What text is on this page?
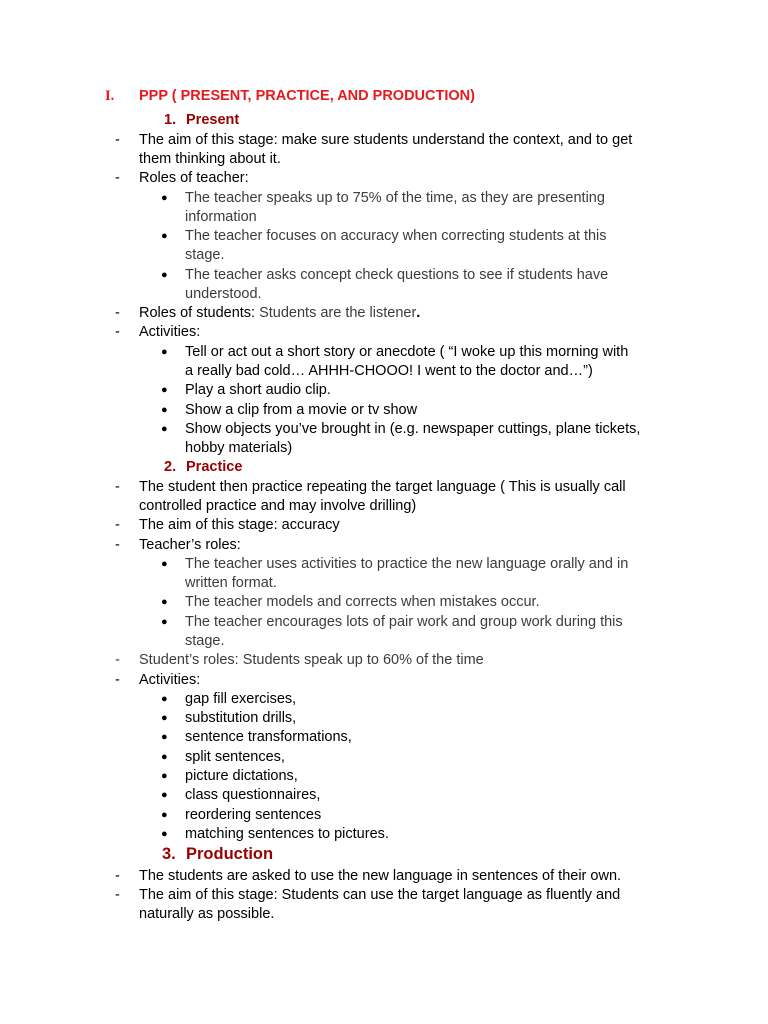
I. PPP ( PRESENT, PRACTICE, AND PRODUCTION)
1. Present
- The aim of this stage: make sure students understand the context, and to get
them thinking about it.
- Roles of teacher:
● The teacher speaks up to 75% of the time, as they are presenting
information
● The teacher focuses on accuracy when correcting students at this
stage.
● The teacher asks concept check questions to see if students have
understood.
- Roles of students: Students are the listener.
- Activities:
● Tell or act out a short story or anecdote ( “I woke up this morning with
a really bad cold… AHHH-CHOOO! I went to the doctor and…”)
● Play a short audio clip.
● Show a clip from a movie or tv show
● Show objects you’ve brought in (e.g. newspaper cuttings, plane tickets,
hobby materials)
2. Practice
- The student then practice repeating the target language ( This is usually call
controlled practice and may involve drilling)
- The aim of this stage: accuracy
- Teacher’s roles:
● The teacher uses activities to practice the new language orally and in
written format.
● The teacher models and corrects when mistakes occur.
● The teacher encourages lots of pair work and group work during this
stage.
- Student’s roles: Students speak up to 60% of the time
- Activities:
● gap fill exercises,
● substitution drills,
● sentence transformations,
● split sentences,
● picture dictations,
● class questionnaires,
● reordering sentences
● matching sentences to pictures.
3. Production
- The students are asked to use the new language in sentences of their own.
- The aim of this stage: Students can use the target language as fluently and
naturally as possible.
